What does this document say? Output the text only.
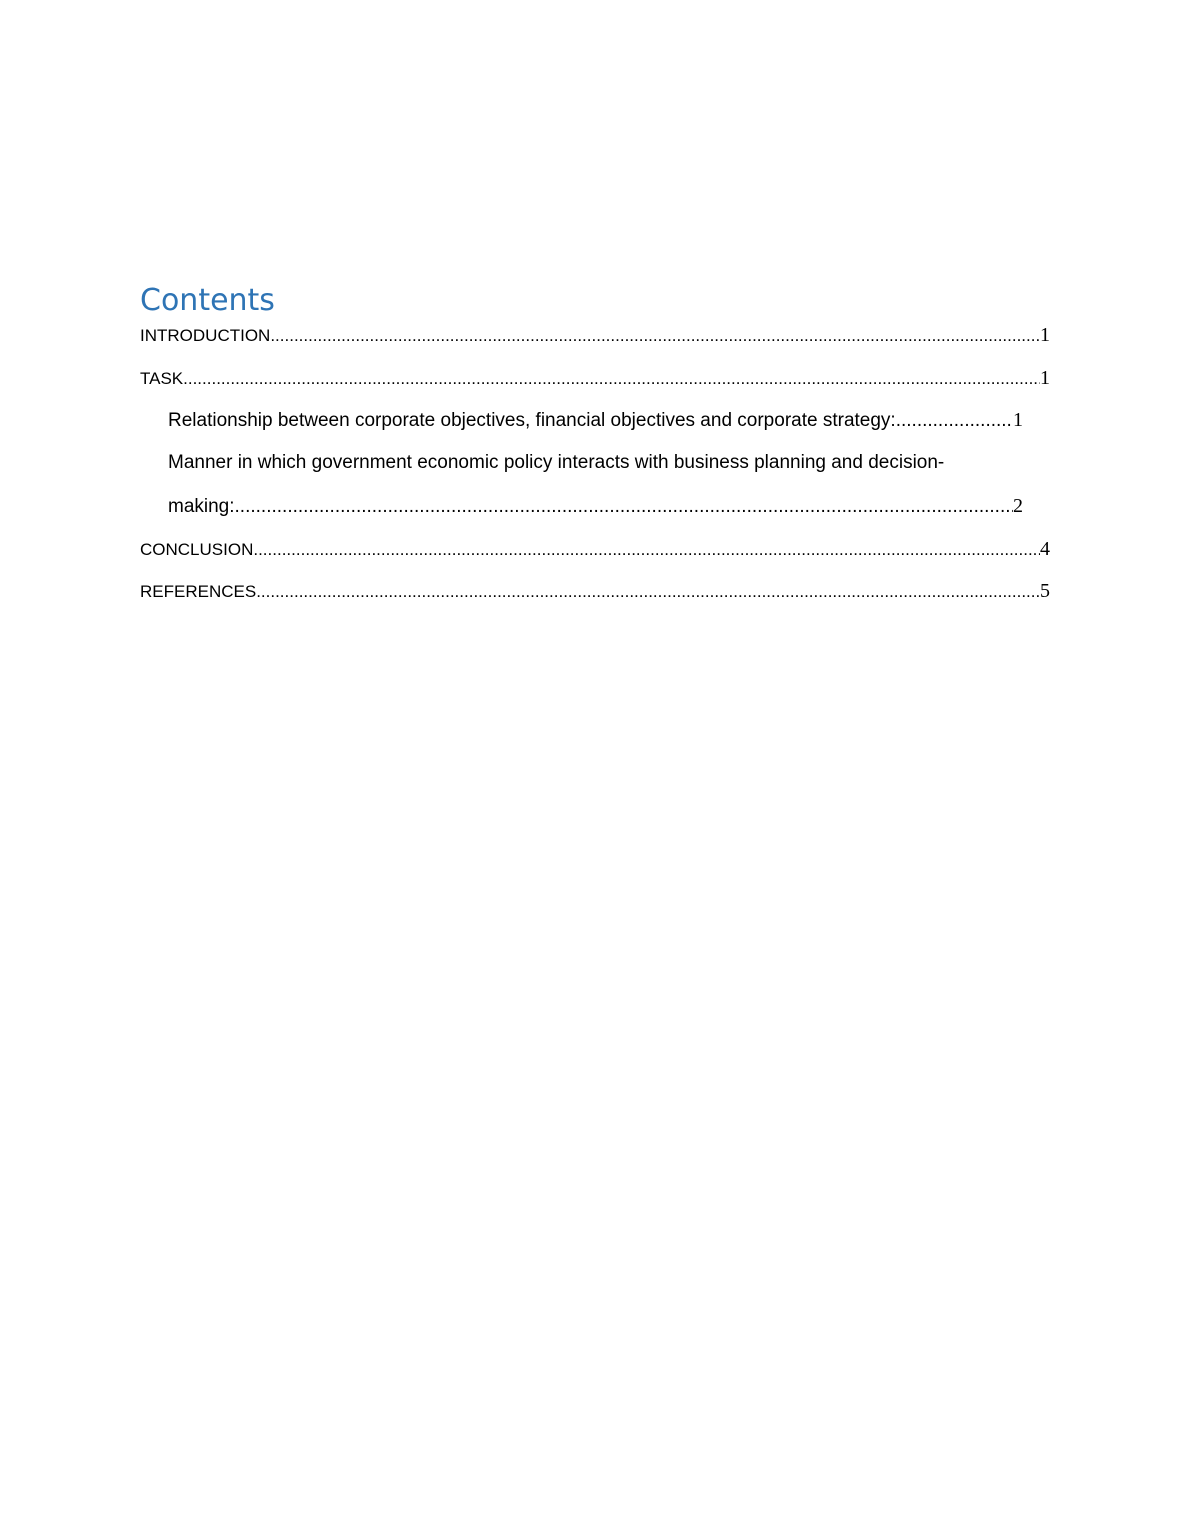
Contents
INTRODUCTION .....	1
TASK .....	1
Relationship between corporate objectives, financial objectives and corporate strategy: .....	1
Manner in which government economic policy interacts with business planning and decision-
making: .....	2
CONCLUSION .....	4
REFERENCES .....	5
